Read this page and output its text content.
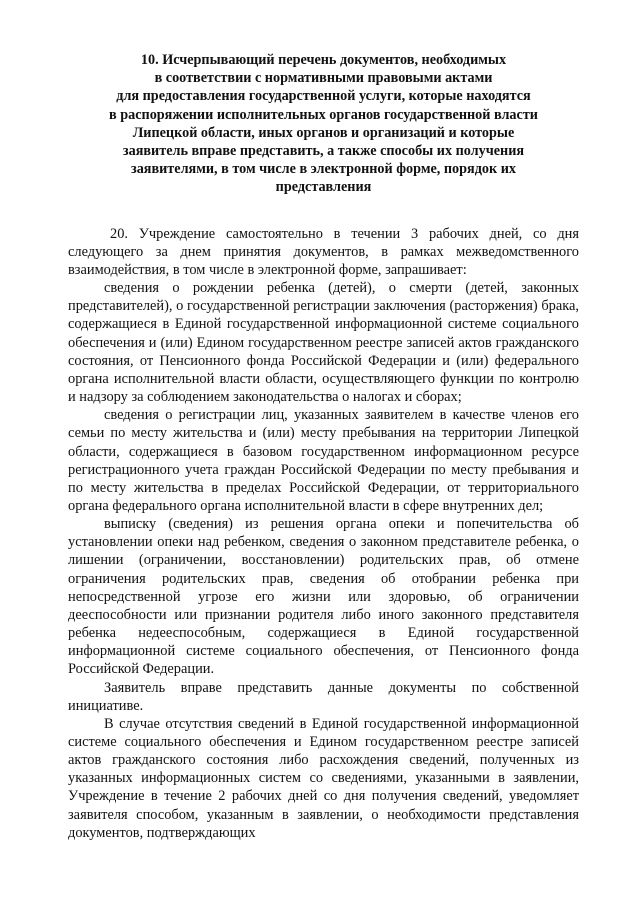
10. Исчерпывающий перечень документов, необходимых
в соответствии с нормативными правовыми актами
для предоставления государственной услуги, которые находятся
в распоряжении исполнительных органов государственной власти
Липецкой области, иных органов и организаций и которые
заявитель вправе представить, а также способы их получения
заявителями, в том числе в электронной форме, порядок их
представления

20. Учреждение самостоятельно в течении 3 рабочих дней, со дня следующего за днем принятия документов, в рамках межведомственного взаимодействия, в том числе в электронной форме, запрашивает:

сведения о рождении ребенка (детей), о смерти (детей, законных представителей), о государственной регистрации заключения (расторжения) брака, содержащиеся в Единой государственной информационной системе социального обеспечения и (или) Едином государственном реестре записей актов гражданского состояния, от Пенсионного фонда Российской Федерации и (или) федерального органа исполнительной власти области, осуществляющего функции по контролю и надзору за соблюдением законодательства о налогах и сборах;

сведения о регистрации лиц, указанных заявителем в качестве членов его семьи по месту жительства и (или) месту пребывания на территории Липецкой области, содержащиеся в базовом государственном информационном ресурсе регистрационного учета граждан Российской Федерации по месту пребывания и по месту жительства в пределах Российской Федерации, от территориального органа федерального органа исполнительной власти в сфере внутренних дел;

выписку (сведения) из решения органа опеки и попечительства об установлении опеки над ребенком, сведения о законном представителе ребенка, о лишении (ограничении, восстановлении) родительских прав, об отмене ограничения родительских прав, сведения об отобрании ребенка при непосредственной угрозе его жизни или здоровью, об ограничении дееспособности или признании родителя либо иного законного представителя ребенка недееспособным, содержащиеся в Единой государственной информационной системе социального обеспечения, от Пенсионного фонда Российской Федерации.

Заявитель вправе представить данные документы по собственной инициативе.

В случае отсутствия сведений в Единой государственной информационной системе социального обеспечения и Едином государственном реестре записей актов гражданского состояния либо расхождения сведений, полученных из указанных информационных систем со сведениями, указанными в заявлении, Учреждение в течение 2 рабочих дней со дня получения сведений, уведомляет заявителя способом, указанным в заявлении, о необходимости представления документов, подтверждающих
